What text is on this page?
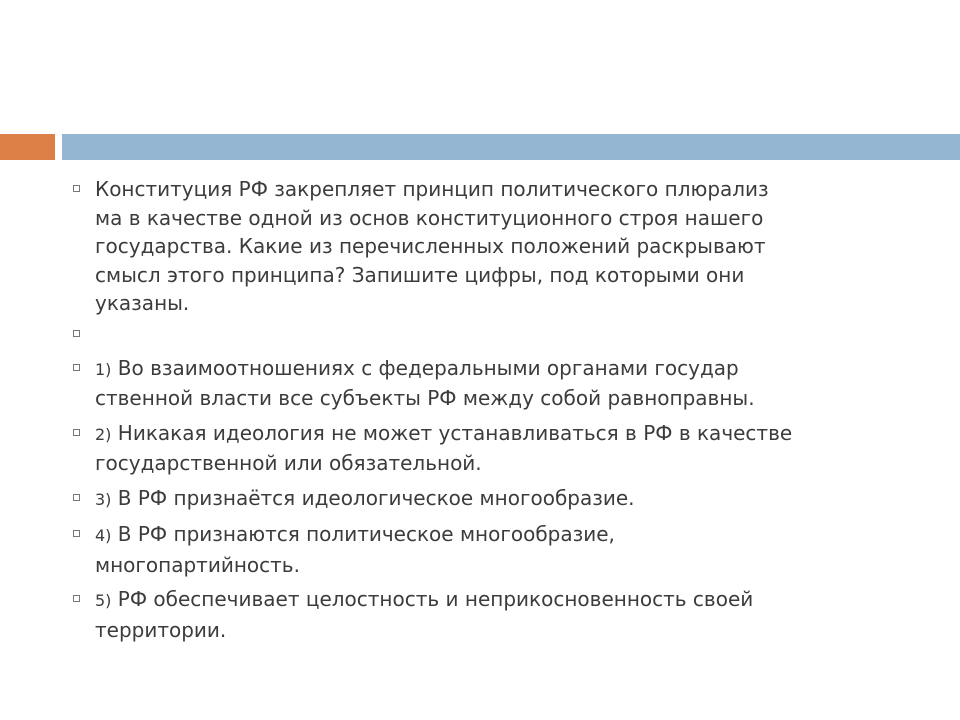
Конституция РФ закрепляет принцип политического плюрализ
ма в качестве одной из основ конституционного строя нашего
государства. Какие из перечисленных положений раскрывают
смысл этого принципа? Запишите цифры, под которыми они
указаны.
1) Во взаимоотношениях с федеральными органами государ
ственной власти все субъекты РФ между собой равноправны.
2) Никакая идеология не может устанавливаться в РФ в качестве
государственной или обязательной.
3) В РФ признаётся идеологическое многообразие.
4) В РФ признаются политическое многообразие,
многопартийность.
5) РФ обеспечивает целостность и неприкосновенность своей
территории.
